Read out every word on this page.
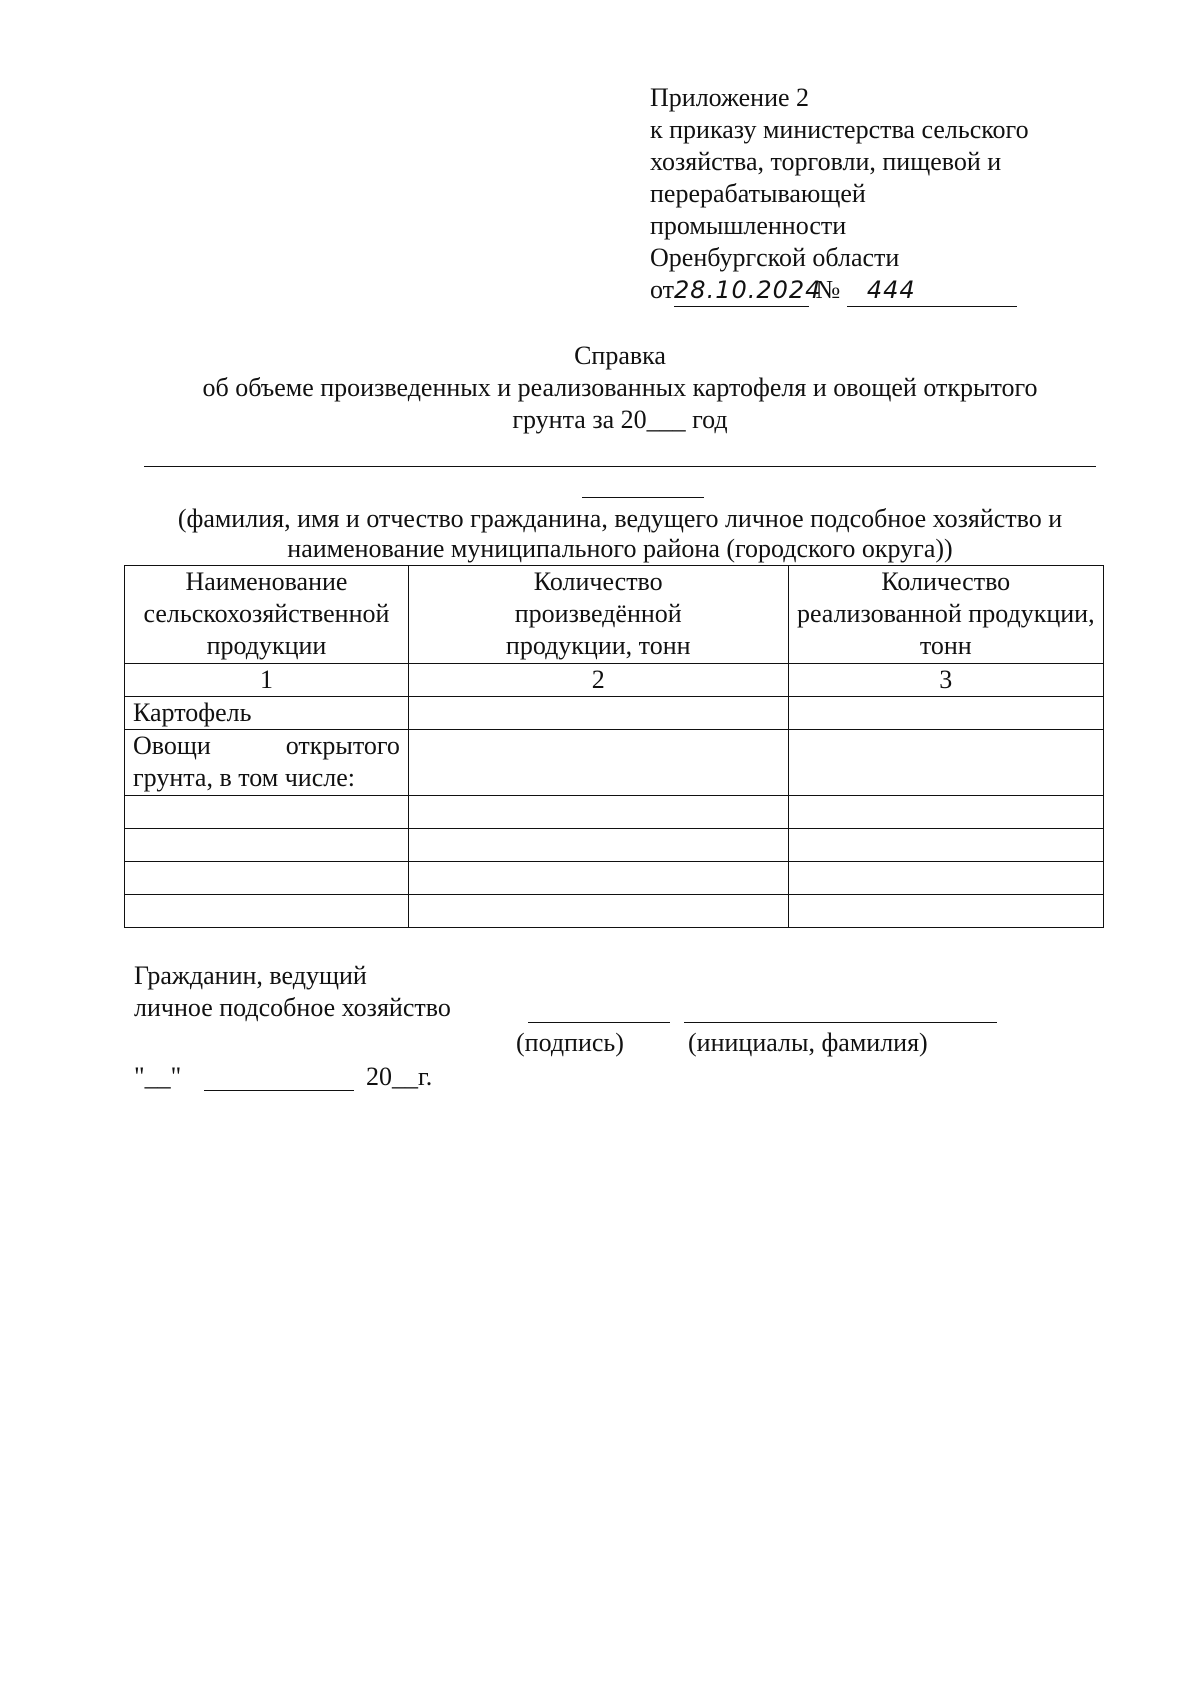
Приложение 2
к приказу министерства сельского
хозяйства, торговли, пищевой и
перерабатывающей
промышленности
Оренбургской области
от28.10.2024 № 444
Справка
об объеме произведенных и реализованных картофеля и овощей открытого
грунта за 20___ год
(фамилия, имя и отчество гражданина, ведущего личное подсобное хозяйство и
наименование муниципального района (городского округа))
Наименование сельскохозяйственной продукции	Количество произведённой продукции, тонн	Количество реализованной продукции, тонн
1	2	3
Картофель		
Овощи открытого грунта, в том числе:		

Гражданин, ведущий
личное подсобное хозяйство
(подпись) (инициалы, фамилия)
"__"	20__г.
